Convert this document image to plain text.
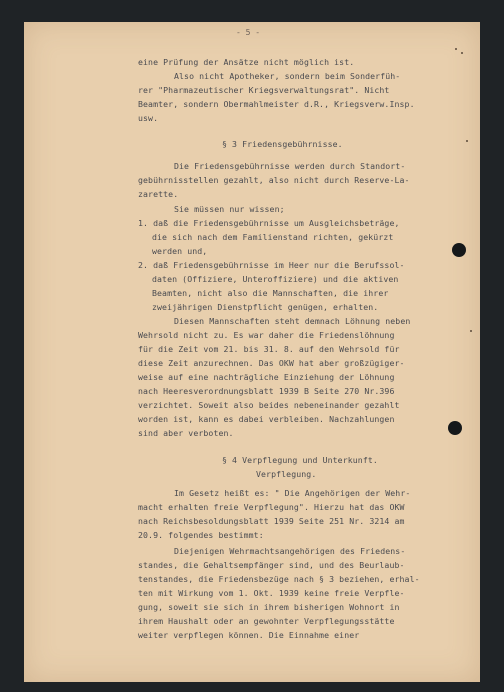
- 5 -
eine Prüfung der Ansätze nicht möglich ist.
Also nicht Apotheker, sondern beim Sonderfüh-
rer "Pharmazeutischer Kriegsverwaltungsrat". Nicht
Beamter, sondern Obermahlmeister d.R., Kriegsverw.Insp.
usw.
§ 3 Friedensgebührnisse.
Die Friedensgebührnisse werden durch Standort-
gebührnisstellen gezahlt, also nicht durch Reserve-La-
zarette.
Sie müssen nur wissen;
1. daß die Friedensgebührnisse um Ausgleichsbeträge,
die sich nach dem Familienstand richten, gekürzt
werden und,
2. daß Friedensgebührnisse im Heer nur die Berufssol-
daten (Offiziere, Unteroffiziere) und die aktiven
Beamten, nicht also die Mannschaften, die ihrer
zweijährigen Dienstpflicht genügen, erhalten.
Diesen Mannschaften steht demnach Löhnung neben
Wehrsold nicht zu. Es war daher die Friedenslöhnung
für die Zeit vom 21. bis 31. 8. auf den Wehrsold für
diese Zeit anzurechnen. Das OKW hat aber großzügiger-
weise auf eine nachträgliche Einziehung der Löhnung
nach Heeresverordnungsblatt 1939 B Seite 270 Nr.396
verzichtet. Soweit also beides nebeneinander gezahlt
worden ist, kann es dabei verbleiben. Nachzahlungen
sind aber verboten.
§ 4 Verpflegung und Unterkunft.
Verpflegung.
Im Gesetz heißt es: " Die Angehörigen der Wehr-
macht erhalten freie Verpflegung". Hierzu hat das OKW
nach Reichsbesoldungsblatt 1939 Seite 251 Nr. 3214 am
20.9. folgendes bestimmt:
Diejenigen Wehrmachtsangehörigen des Friedens-
standes, die Gehaltsempfänger sind, und des Beurlaub-
tenstandes, die Friedensbezüge nach § 3 beziehen, erhal-
ten mit Wirkung vom 1. Okt. 1939 keine freie Verpfle-
gung, soweit sie sich in ihrem bisherigen Wohnort in
ihrem Haushalt oder an gewohnter Verpflegungsstätte
weiter verpflegen können. Die Einnahme einer
